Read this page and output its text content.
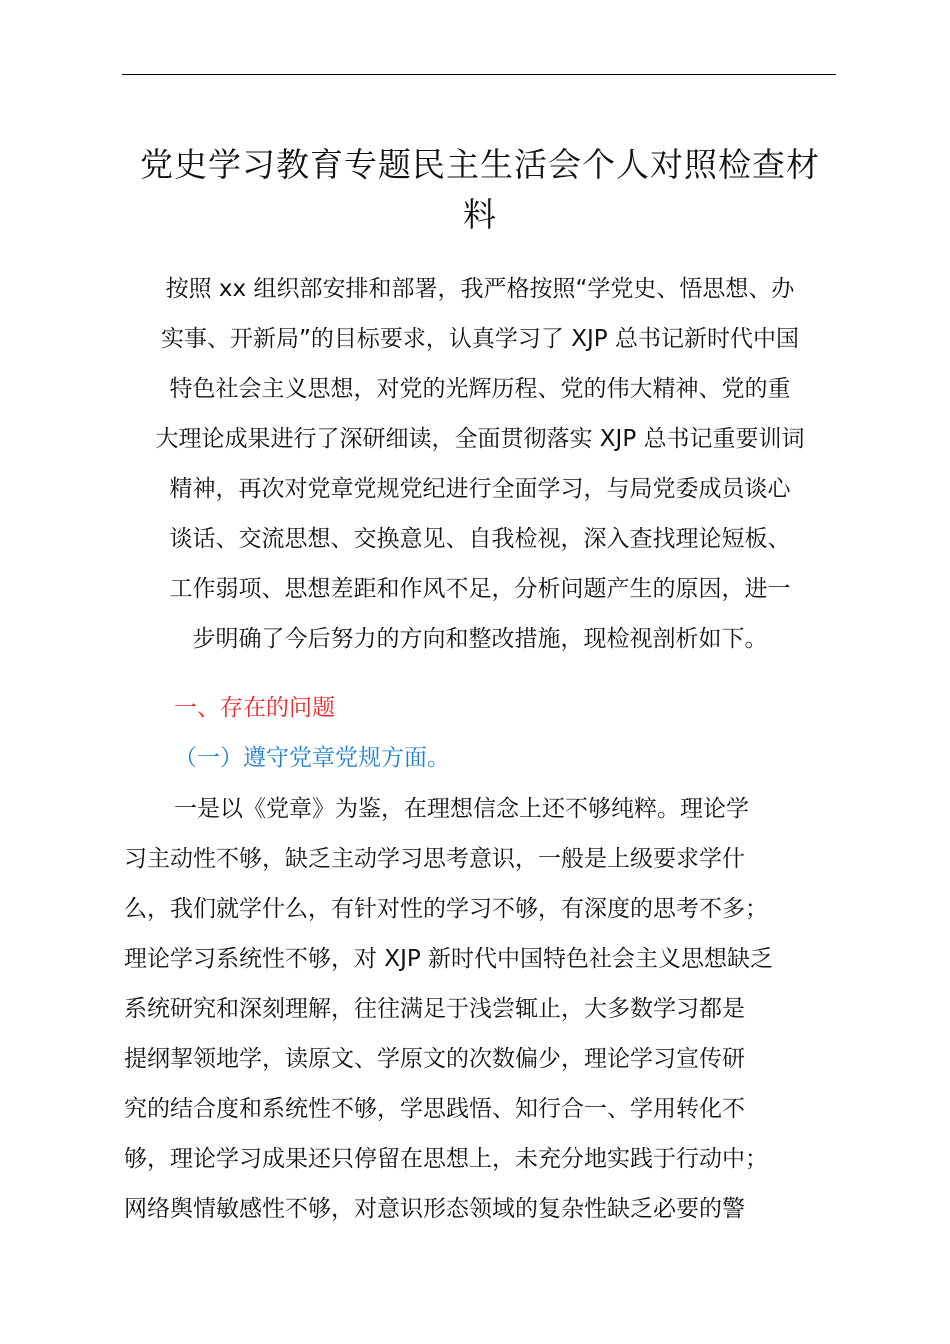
党史学习教育专题民主生活会个人对照检查材
料
按照 xx 组织部安排和部署，我严格按照“学党史、悟思想、办
实事、开新局”的目标要求，认真学习了 XJP 总书记新时代中国
特色社会主义思想，对党的光辉历程、党的伟大精神、党的重
大理论成果进行了深研细读，全面贯彻落实 XJP 总书记重要训词
精神，再次对党章党规党纪进行全面学习，与局党委成员谈心
谈话、交流思想、交换意见、自我检视，深入查找理论短板、
工作弱项、思想差距和作风不足，分析问题产生的原因，进一
步明确了今后努力的方向和整改措施，现检视剖析如下。
一、存在的问题
（一）遵守党章党规方面。
一是以《党章》为鉴，在理想信念上还不够纯粹。理论学
习主动性不够，缺乏主动学习思考意识，一般是上级要求学什
么，我们就学什么，有针对性的学习不够，有深度的思考不多；
理论学习系统性不够，对 XJP 新时代中国特色社会主义思想缺乏
系统研究和深刻理解，往往满足于浅尝辄止，大多数学习都是
提纲挈领地学，读原文、学原文的次数偏少，理论学习宣传研
究的结合度和系统性不够，学思践悟、知行合一、学用转化不
够，理论学习成果还只停留在思想上，未充分地实践于行动中；
网络舆情敏感性不够，对意识形态领域的复杂性缺乏必要的警
